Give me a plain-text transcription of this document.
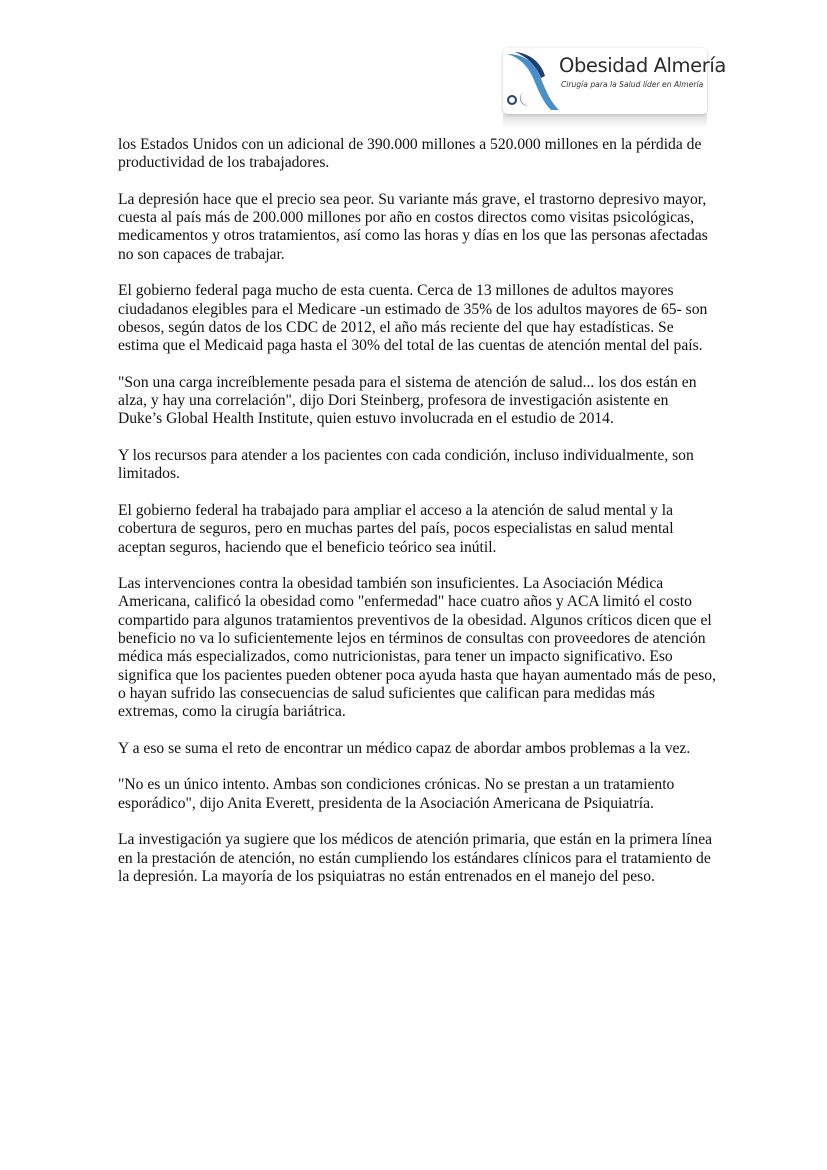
Obesidad Almería
Cirugía para la Salud líder en Almería

los Estados Unidos con un adicional de 390.000 millones a 520.000 millones en la pérdida de productividad de los trabajadores.

La depresión hace que el precio sea peor. Su variante más grave, el trastorno depresivo mayor, cuesta al país más de 200.000 millones por año en costos directos como visitas psicológicas, medicamentos y otros tratamientos, así como las horas y días en los que las personas afectadas no son capaces de trabajar.

El gobierno federal paga mucho de esta cuenta. Cerca de 13 millones de adultos mayores ciudadanos elegibles para el Medicare -un estimado de 35% de los adultos mayores de 65- son obesos, según datos de los CDC de 2012, el año más reciente del que hay estadísticas. Se estima que el Medicaid paga hasta el 30% del total de las cuentas de atención mental del país.

"Son una carga increíblemente pesada para el sistema de atención de salud... los dos están en alza, y hay una correlación", dijo Dori Steinberg, profesora de investigación asistente en Duke’s Global Health Institute, quien estuvo involucrada en el estudio de 2014.

Y los recursos para atender a los pacientes con cada condición, incluso individualmente, son limitados.

El gobierno federal ha trabajado para ampliar el acceso a la atención de salud mental y la cobertura de seguros, pero en muchas partes del país, pocos especialistas en salud mental aceptan seguros, haciendo que el beneficio teórico sea inútil.

Las intervenciones contra la obesidad también son insuficientes. La Asociación Médica Americana, calificó la obesidad como "enfermedad" hace cuatro años y ACA limitó el costo compartido para algunos tratamientos preventivos de la obesidad. Algunos críticos dicen que el beneficio no va lo suficientemente lejos en términos de consultas con proveedores de atención médica más especializados, como nutricionistas, para tener un impacto significativo. Eso significa que los pacientes pueden obtener poca ayuda hasta que hayan aumentado más de peso, o hayan sufrido las consecuencias de salud suficientes que califican para medidas más extremas, como la cirugía bariátrica.

Y a eso se suma el reto de encontrar un médico capaz de abordar ambos problemas a la vez.

"No es un único intento. Ambas son condiciones crónicas. No se prestan a un tratamiento esporádico", dijo Anita Everett, presidenta de la Asociación Americana de Psiquiatría.

La investigación ya sugiere que los médicos de atención primaria, que están en la primera línea en la prestación de atención, no están cumpliendo los estándares clínicos para el tratamiento de la depresión. La mayoría de los psiquiatras no están entrenados en el manejo del peso.
